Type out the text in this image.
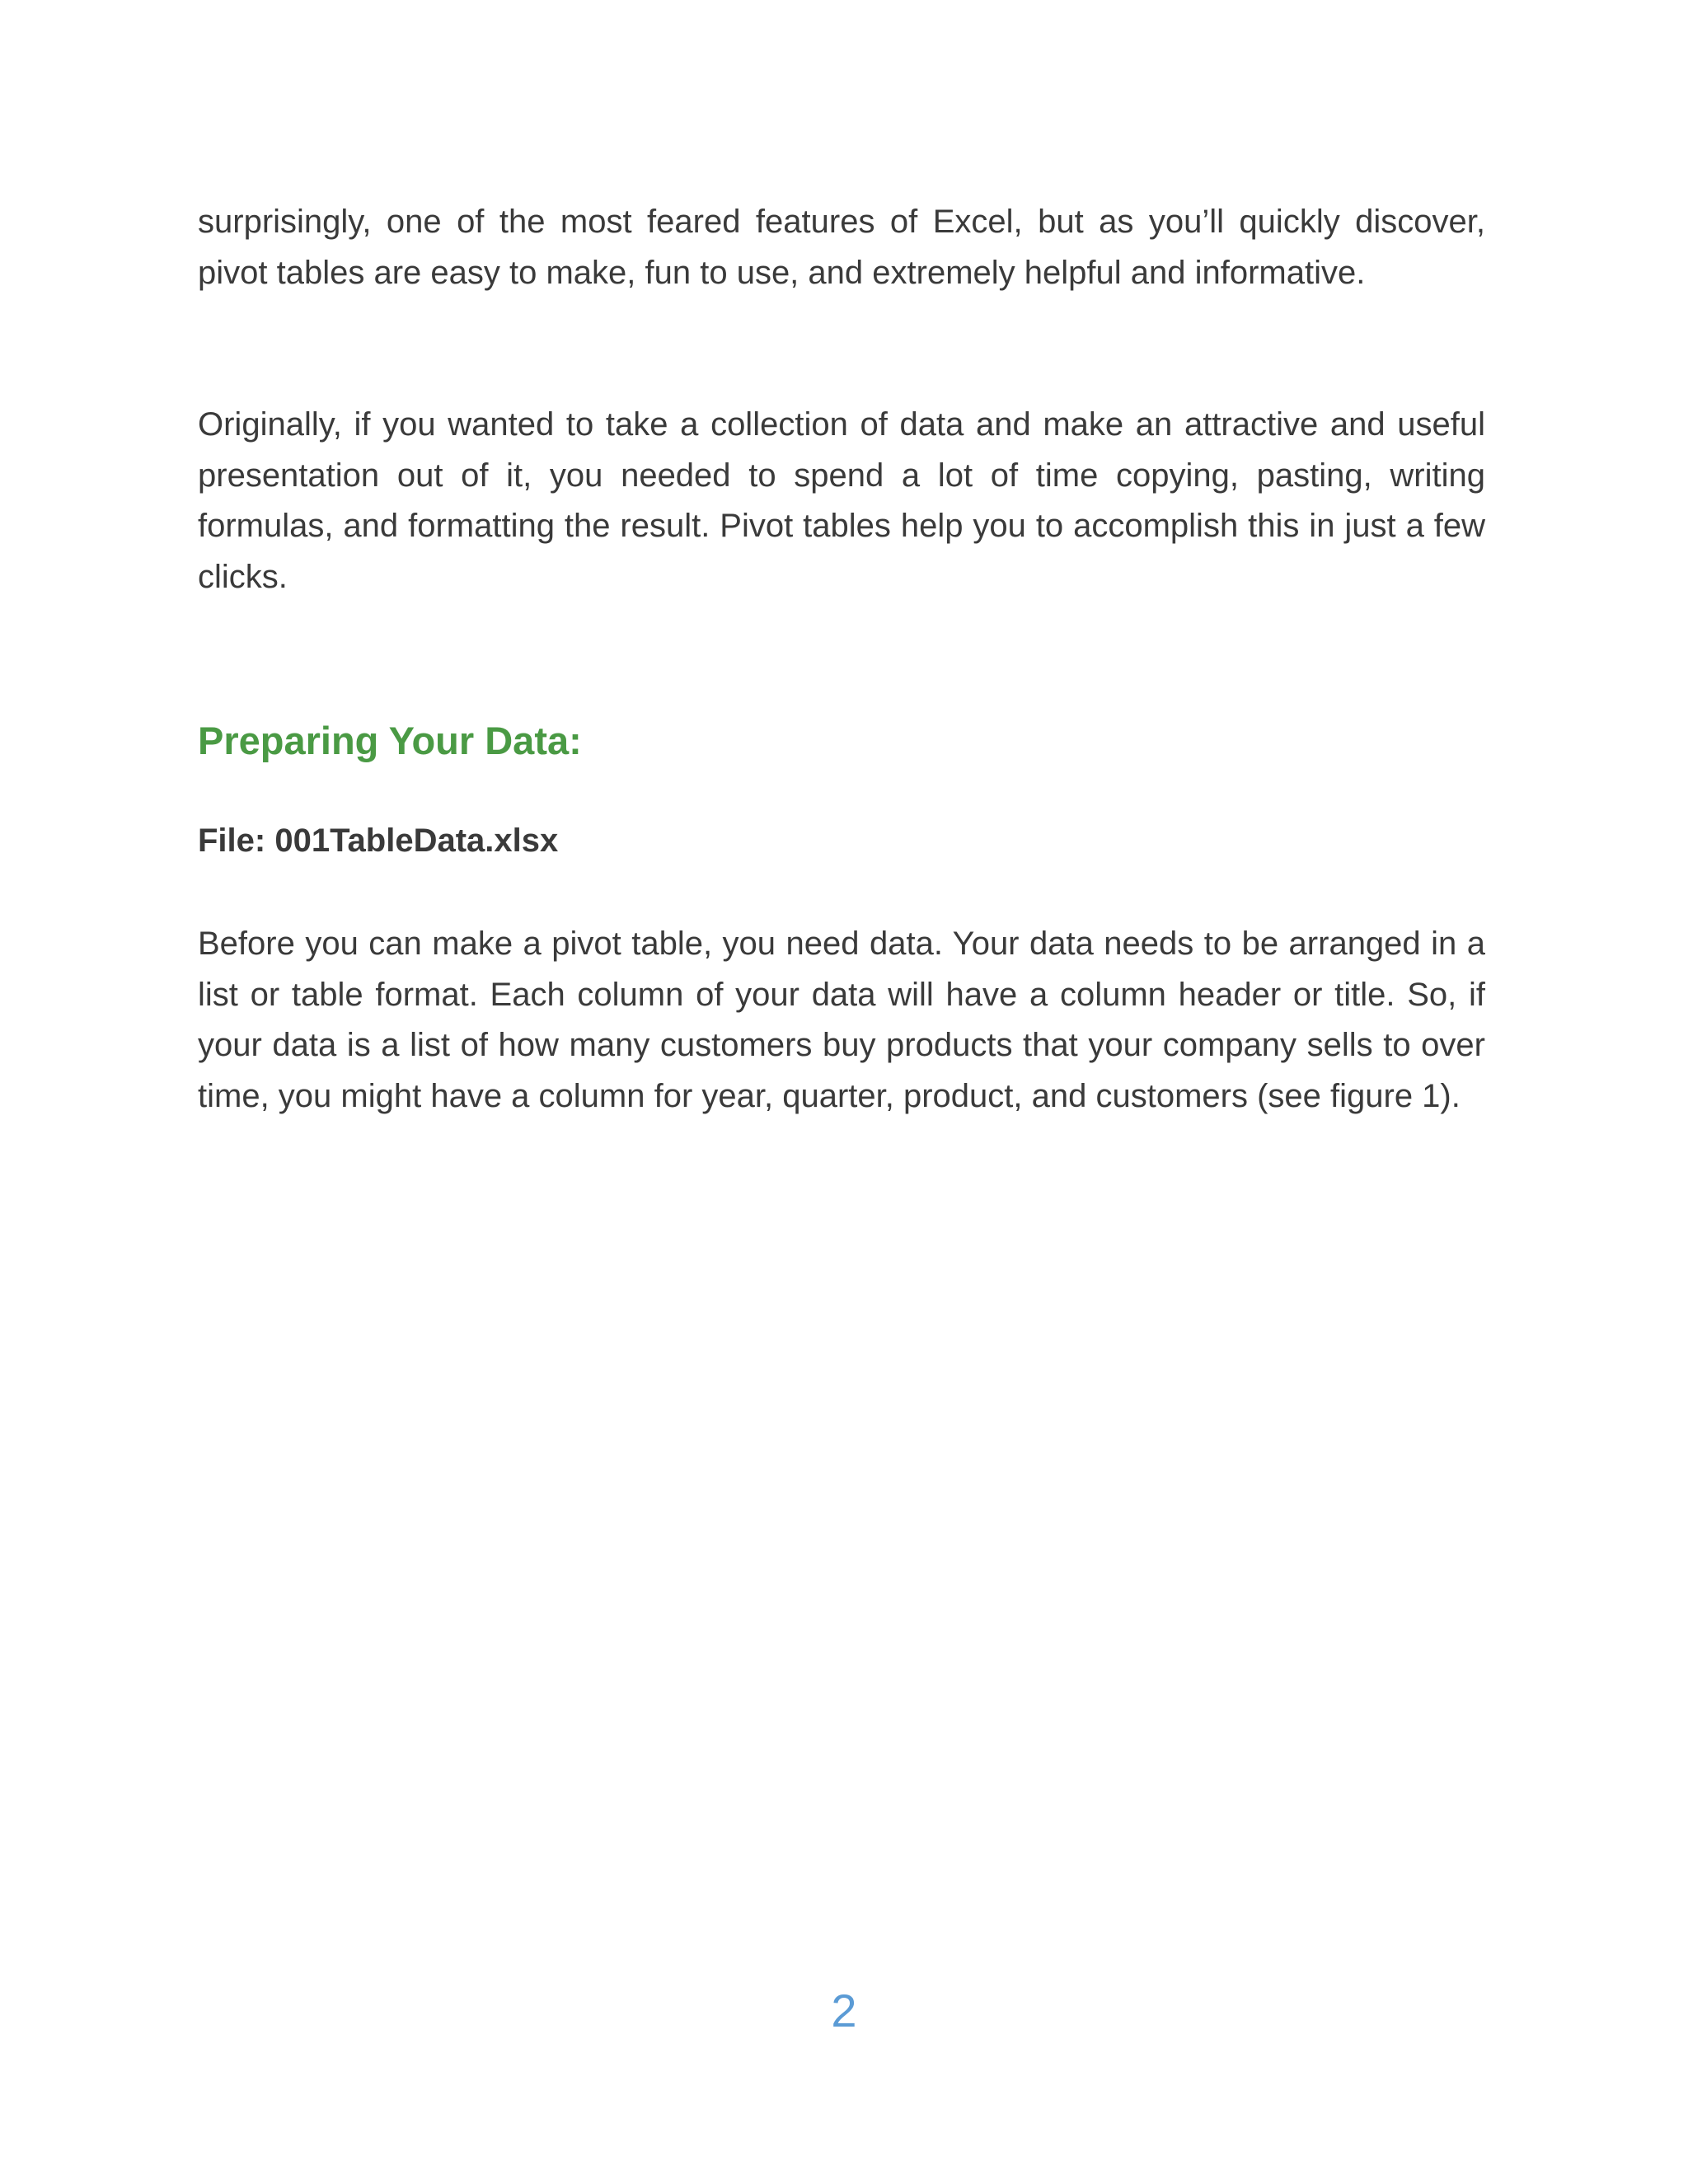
surprisingly, one of the most feared features of Excel, but as you’ll quickly discover, pivot tables are easy to make, fun to use, and extremely helpful and informative.

Originally, if you wanted to take a collection of data and make an attractive and useful presentation out of it, you needed to spend a lot of time copying, pasting, writing formulas, and formatting the result. Pivot tables help you to accomplish this in just a few clicks.

Preparing Your Data:

File: 001TableData.xlsx

Before you can make a pivot table, you need data. Your data needs to be arranged in a list or table format. Each column of your data will have a column header or title. So, if your data is a list of how many customers buy products that your company sells to over time, you might have a column for year, quarter, product, and customers (see figure 1).

2
